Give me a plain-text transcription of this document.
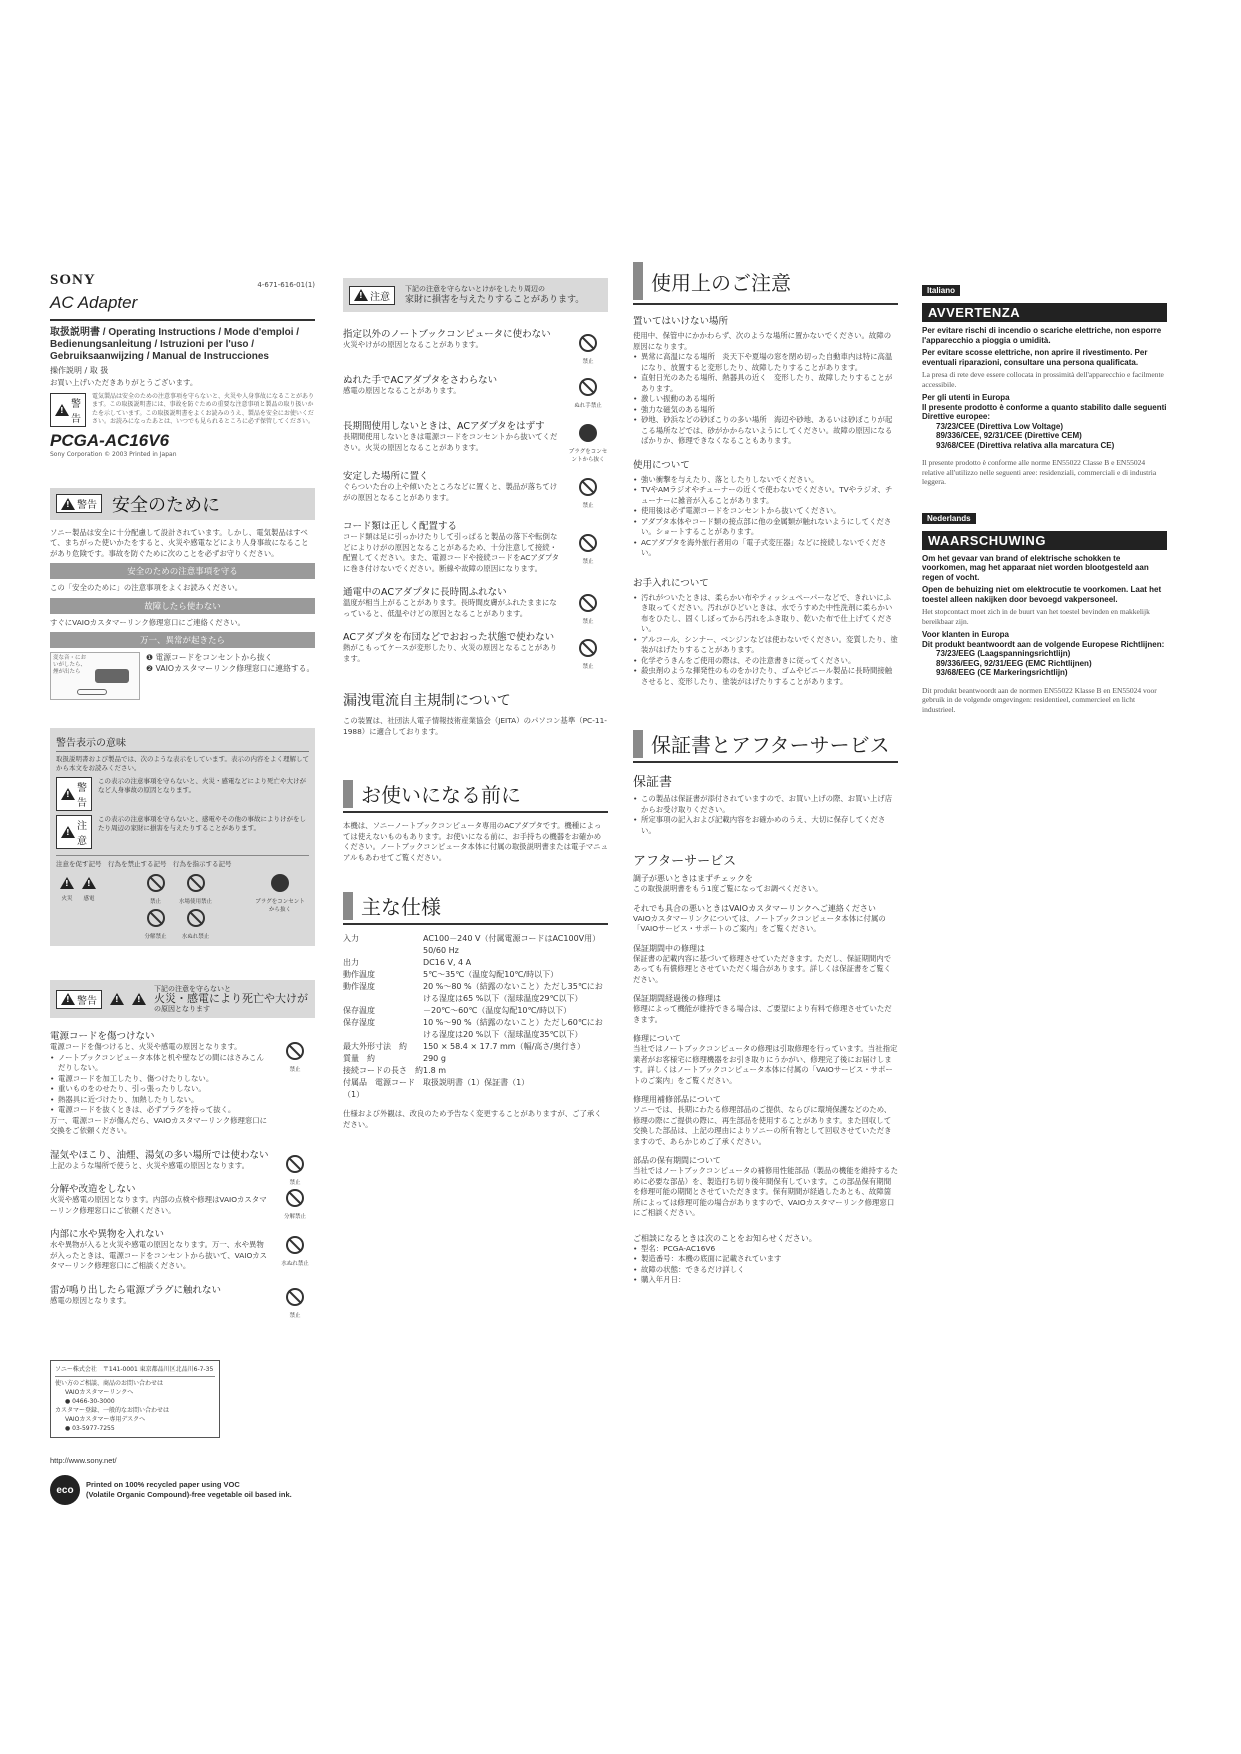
SONY	4-671-616-01(1)
AC Adapter
取扱説明書 / Operating Instructions / Mode d'emploi / Bedienungsanleitung / Istruzioni per l'uso / Gebruiksaanwijzing / Manual de Instrucciones
操作説明 / 取 扱
お買い上げいただきありがとうございます。
!
警告
電気製品は安全のための注意事項を守らないと、火災や人身事故になることがあります。この取扱説明書には、事故を防ぐための重要な注意事項と製品の取り扱いかたを示しています。この取扱説明書をよくお読みのうえ、製品を安全にお使いください。お読みになったあとは、いつでも見られるところに必ず保管してください。
PCGA-AC16V6
Sony Corporation © 2003 Printed in Japan
!
警告 安全のために
ソニー製品は安全に十分配慮して設計されています。しかし、電気製品はすべて、まちがった使いかたをすると、火災や感電などにより人身事故になることがあり危険です。事故を防ぐために次のことを必ずお守りください。
安全のための注意事項を守る
この「安全のために」の注意事項をよくお読みください。
故障したら使わない
すぐにVAIOカスタマーリンク修理窓口にご連絡ください。
万一、異常が起きたら
変な音・においがしたら、煙が出たら
❶ 電源コードをコンセントから抜く
❷ VAIOカスタマーリンク修理窓口に連絡する。
警告表示の意味
取扱説明書および製品では、次のような表示をしています。表示の内容をよく理解してから本文をお読みください。
!
警告
この表示の注意事項を守らないと、火災・感電などにより死亡や大けがなど人身事故の原因となります。
!
注意
この表示の注意事項を守らないと、感電やその他の事故によりけがをしたり周辺の家財に損害を与えたりすることがあります。
注意を促す記号　行為を禁止する記号　行為を指示する記号
!
火災
! 感電	禁止	水場使用禁止
分解禁止	水ぬれ禁止
プラグをコンセントから抜く
!
警告
!
!
下記の注意を守らないと
火災・感電により死亡や大けが
の原因となります
電源コードを傷つけない
電源コードを傷つけると、火災や感電の原因となります。
• ノートブックコンピュータ本体と机や壁などの間にはさみこんだりしない。
• 電源コードを加工したり、傷つけたりしない。
• 重いものをのせたり、引っ張ったりしない。
• 熱器具に近づけたり、加熱したりしない。
• 電源コードを抜くときは、必ずプラグを持って抜く。
万一、電源コードが傷んだら、VAIOカスタマーリンク修理窓口に交換をご依頼ください。
禁止
湿気やほこり、油煙、湯気の多い場所では使わない
上記のような場所で使うと、火災や感電の原因となります。
禁止
分解や改造をしない
火災や感電の原因となります。内部の点検や修理はVAIOカスタマーリンク修理窓口にご依頼ください。
分解禁止
内部に水や異物を入れない
水や異物が入ると火災や感電の原因となります。万一、水や異物が入ったときは、電源コードをコンセントから抜いて、VAIOカスタマーリンク修理窓口にご相談ください。	水ぬれ禁止
雷が鳴り出したら電源プラグに触れない
感電の原因となります。
禁止
ソニー株式会社　〒141-0001 東京都品川区北品川6-7-35
使い方のご相談、商品のお問い合わせは
VAIOカスタマーリンクへ
● 0466-30-3000
カスタマー登録、一般的なお問い合わせは
VAIOカスタマー専用デスクへ
● 03-5977-7255
http://www.sony.net/
eco	Printed on 100% recycled paper using VOC
(Volatile Organic Compound)-free vegetable oil based ink.
!
注意
下記の注意を守らないとけがをしたり周辺の
家財に損害を与えたりすることがあります。
指定以外のノートブックコンピュータに使わない
火災やけがの原因となることがあります。
禁止
ぬれた手でACアダプタをさわらない
感電の原因となることがあります。
ぬれ手禁止
長期間使用しないときは、ACアダプタをはずす
長期間使用しないときは電源コードをコンセントから抜いてください。火災の原因となることがあります。
プラグをコンセントから抜く
安定した場所に置く
ぐらついた台の上や傾いたところなどに置くと、製品が落ちてけがの原因となることがあります。
禁止
コード類は正しく配置する
コード類は足に引っかけたりして引っぱると製品の落下や転倒などによりけがの原因となることがあるため、十分注意して接続・配置してください。また、電源コードや接続コードをACアダプタに巻き付けないでください。断線や故障の原因になります。
禁止
通電中のACアダプタに長時間ふれない
温度が相当上がることがあります。長時間皮膚がふれたままになっていると、低温やけどの原因となることがあります。
禁止
ACアダプタを布団などでおおった状態で使わない
熱がこもってケースが変形したり、火災の原因となることがあります。
禁止
漏洩電流自主規制について
この装置は、社団法人電子情報技術産業協会（JEITA）のパソコン基準（PC-11-1988）に適合しております。
お使いになる前に
本機は、ソニーノートブックコンピュータ専用のACアダプタです。機種によっては使えないものもあります。お使いになる前に、お手持ちの機器をお確かめください。ノートブックコンピュータ本体に付属の取扱説明書または電子マニュアルもあわせてご覧ください。
主な仕様
入力	AC100－240 V（付属電源コードはAC100V用）50/60 Hz
出力	DC16 V, 4 A
動作温度	5℃～35℃（温度勾配10℃/時以下）
動作湿度	20 %～80 %（結露のないこと）ただし35℃における湿度は65 %以下（湿球温度29℃以下）
保存温度	－20℃～60℃（温度勾配10℃/時以下）
保存湿度	10 %～90 %（結露のないこと）ただし60℃における湿度は20 %以下（湿球温度35℃以下）
最大外形寸法　約	150 × 58.4 × 17.7 mm（幅/高さ/奥行き）
質量　約	290 g
接続コードの長さ　約 1.8 m
付属品　電源コード（1）
取扱説明書（1）保証書（1）
仕様および外観は、改良のため予告なく変更することがありますが、ご了承ください。
使用上のご注意
置いてはいけない場所
使用中、保管中にかかわらず、次のような場所に置かないでください。故障の原因になります。
• 異常に高温になる場所　炎天下や夏場の窓を閉め切った自動車内は特に高温になり、放置すると変形したり、故障したりすることがあります。
• 直射日光のあたる場所、熱器具の近く　変形したり、故障したりすることがあります。
• 激しい振動のある場所
• 強力な磁気のある場所
• 砂地、砂浜などの砂ぼこりの多い場所　海辺や砂地、あるいは砂ぼこりが起こる場所などでは、砂がかからないようにしてください。故障の原因になるばかりか、修理できなくなることもあります。
使用について
• 強い衝撃を与えたり、落としたりしないでください。
• TVやAMラジオやチューナーの近くで使わないでください。TVやラジオ、チューナーに雑音が入ることがあります。
• 使用後は必ず電源コードをコンセントから抜いてください。
• アダプタ本体やコード類の接点部に他の金属類が触れないようにしてください。ショートすることがあります。
• ACアダプタを海外旅行者用の「電子式変圧器」などに接続しないでください。
お手入れについて
• 汚れがついたときは、柔らかい布やティッシュペーパーなどで、きれいにふき取ってください。汚れがひどいときは、水でうすめた中性洗剤に柔らかい布をひたし、固くしぼってから汚れをふき取り、乾いた布で仕上げてください。
• アルコール、シンナー、ベンジンなどは使わないでください。変質したり、塗装がはげたりすることがあります。
• 化学ぞうきんをご使用の際は、その注意書きに従ってください。
• 殺虫剤のような揮発性のものをかけたり、ゴムやビニール製品に長時間接触させると、変形したり、塗装がはげたりすることがあります。
保証書とアフターサービス
保証書
• この製品は保証書が添付されていますので、お買い上げの際、お買い上げ店からお受け取りください。
• 所定事項の記入および記載内容をお確かめのうえ、大切に保存してください。
アフターサービス
調子が悪いときはまずチェックを
この取扱説明書をもう1度ご覧になってお調べください。
それでも具合の悪いときはVAIOカスタマーリンクへご連絡ください
VAIOカスタマーリンクについては、ノートブックコンピュータ本体に付属の「VAIOサービス・サポートのご案内」をご覧ください。
保証期間中の修理は
保証書の記載内容に基づいて修理させていただきます。ただし、保証期間内であっても有償修理とさせていただく場合があります。詳しくは保証書をご覧ください。
保証期間経過後の修理は
修理によって機能が維持できる場合は、ご要望により有料で修理させていただきます。
修理について
当社ではノートブックコンピュータの修理は引取修理を行っています。当社指定業者がお客様宅に修理機器をお引き取りにうかがい、修理完了後にお届けします。詳しくはノートブックコンピュータ本体に付属の「VAIOサービス・サポートのご案内」をご覧ください。
修理用補修部品について
ソニーでは、長期にわたる修理部品のご提供、ならびに環境保護などのため、修理の際にご提供の際に、再生部品を使用することがあります。また回収して交換した部品は、上記の理由によりソニーの所有物として回収させていただきますので、あらかじめご了承ください。
部品の保有期間について
当社ではノートブックコンピュータの補修用性能部品（製品の機能を維持するために必要な部品）を、製造打ち切り後年間保有しています。この部品保有期間を修理可能の期間とさせていただきます。保有期間が経過したあとも、故障箇所によっては修理可能の場合がありますので、VAIOカスタマーリンク修理窓口にご相談ください。
ご相談になるときは次のことをお知らせください。
• 型名：PCGA-AC16V6
• 製造番号：本機の底面に記載されています
• 故障の状態：できるだけ詳しく
• 購入年月日：
Italiano
AVVERTENZA

Per evitare rischi di incendio o scariche elettriche, non esporre l'apparecchio a pioggia o umidità.

Per evitare scosse elettriche, non aprire il rivestimento. Per eventuali riparazioni, consultare una persona qualificata.

La presa di rete deve essere collocata in prossimità dell'apparecchio e facilmente accessibile.

Per gli utenti in Europa

Il presente prodotto è conforme a quanto stabilito dalle seguenti Direttive europee:

73/23/CEE (Direttiva Low Voltage)

89/336/CEE, 92/31/CEE (Direttive CEM)

93/68/CEE (Direttiva relativa alla marcatura CE)

Il presente prodotto è conforme alle norme EN55022 Classe B e EN55024 relative all'utilizzo nelle seguenti aree: residenziali, commerciali e di industria leggera.

Nederlands
WAARSCHUWING

Om het gevaar van brand of elektrische schokken te voorkomen, mag het apparaat niet worden blootgesteld aan regen of vocht.

Open de behuizing niet om elektrocutie te voorkomen. Laat het toestel alleen nakijken door bevoegd vakpersoneel.

Het stopcontact moet zich in de buurt van het toestel bevinden en makkelijk bereikbaar zijn.

Voor klanten in Europa

Dit produkt beantwoordt aan de volgende Europese Richtlijnen:

73/23/EEG (Laagspanningsrichtlijn)

89/336/EEG, 92/31/EEG (EMC Richtlijnen)

93/68/EEG (CE Markeringsrichtlijn)

Dit produkt beantwoordt aan de normen EN55022 Klasse B en EN55024 voor gebruik in de volgende omgevingen: residentieel, commercieel en licht industrieel.
